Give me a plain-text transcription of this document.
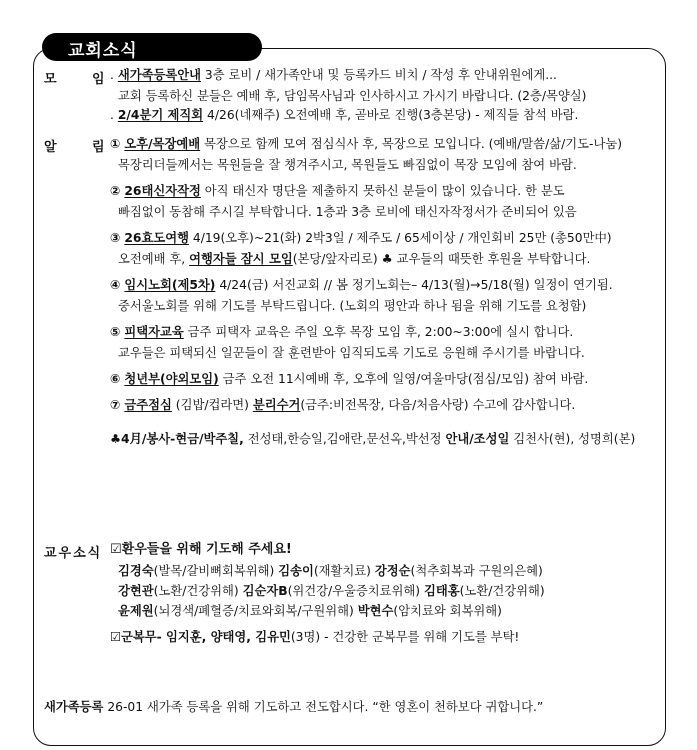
교회소식
모	임 . 새가족등록안내 3층 로비 / 새가족안내 및 등록카드 비치 / 작성 후 안내위원에게...
교회 등록하신 분들은 예배 후, 담임목사님과 인사하시고 가시기 바랍니다. (2층/목양실)
. 2/4분기 제직회 4/26(네째주) 오전예배 후, 곧바로 진행(3층본당) - 제직들 참석 바람.
알	림 ① 오후/목장예배 목장으로 함께 모여 점심식사 후, 목장으로 모입니다. (예배/말씀/삶/기도-나눔)
목장리더들께서는 목원들을 잘 챙겨주시고, 목원들도 빠짐없이 목장 모임에 참여 바람.
② 26태신자작정 아직 태신자 명단을 제출하지 못하신 분들이 많이 있습니다. 한 분도
빠짐없이 동참해 주시길 부탁합니다. 1층과 3층 로비에 태신자작정서가 준비되어 있음
③ 26효도여행 4/19(오후)~21(화) 2박3일 / 제주도 / 65세이상 / 개인회비 25만 (총50만中)
오전예배 후, 여행자들 잠시 모임(본당/앞자리로) ♣ 교우들의 때뜻한 후원을 부탁합니다.
④ 임시노회(제5차) 4/24(금) 서진교회 // 봄 정기노회는– 4/13(월)→5/18(월) 일정이 연기됨.
중서울노회를 위해 기도를 부탁드립니다. (노회의 평안과 하나 됨을 위해 기도를 요청함)
⑤ 피택자교육 금주 피택자 교육은 주일 오후 목장 모임 후, 2:00~3:00에 실시 합니다.
교우들은 피택되신 일꾼들이 잘 훈련받아 임직되도록 기도로 응원해 주시기를 바랍니다.
⑥ 청년부(야외모임) 금주 오전 11시예배 후, 오후에 일영/여울마당(점심/모임) 참여 바람.
⑦ 금주점심 (김밥/컵라면) 분리수거(금주:비전목장, 다음/처음사랑) 수고에 감사합니다.
♣4月/봉사-현금/박주칠, 전성태,한승일,김애란,문선옥,박선정 안내/조성일 김천사(현), 성명희(본)
교우소식 ☑환우들을 위해 기도해 주세요!
김경숙(발목/갈비뼈회복위해) 김송이(재활치료) 강정순(척추회복과 구원의은혜)
강현관(노환/건강위해) 김순자B(위건강/우울증치료위해) 김태홍(노환/건강위해)
윤제원(뇌경색/폐혈증/치료와회복/구원위해) 박현수(암치료와 회복위해)
☑군복무- 임지훈, 양태영, 김유민(3명) - 건강한 군복무를 위해 기도를 부탁!
새가족등록 26-01 새가족 등록을 위해 기도하고 전도합시다. “한 영혼이 천하보다 귀합니다.”
